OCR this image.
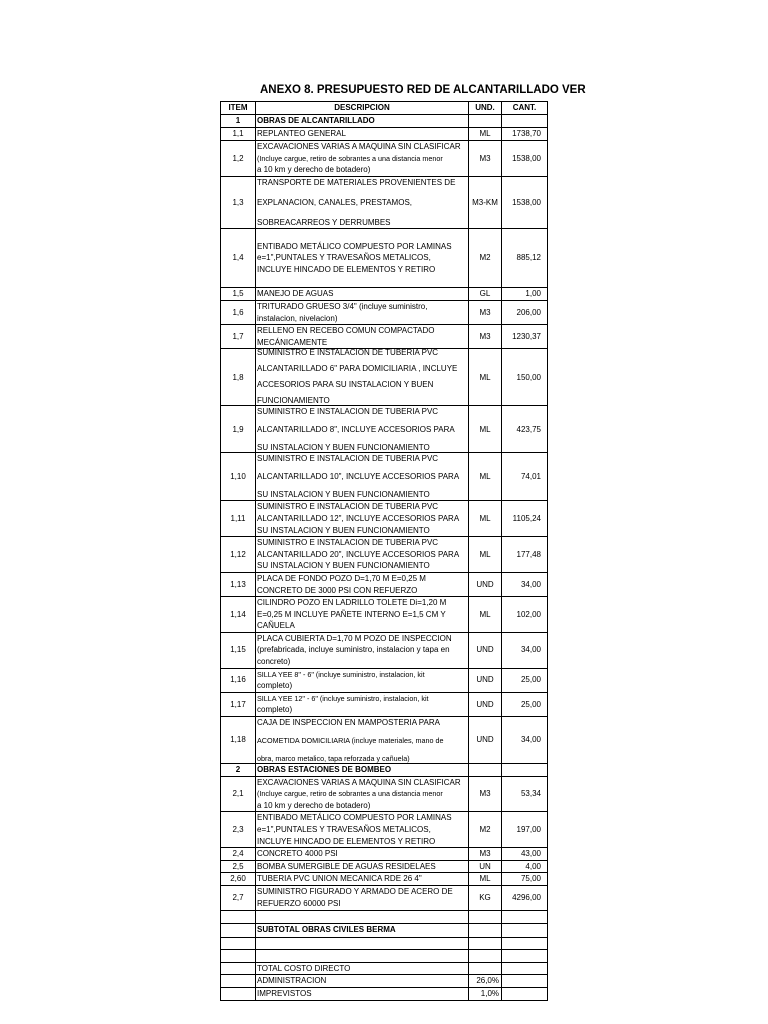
ANEXO 8. PRESUPUESTO RED DE ALCANTARILLADO VER
ITEM	DESCRIPCION	UND.	CANT.
1	OBRAS DE ALCANTARILLADO		

1,1	REPLANTEO GENERAL	ML	1738,70
1,2	EXCAVACIONES VARIAS A MAQUINA SIN CLASIFICAR
(Incluye cargue, retiro de sobrantes a una distancia menor
a 10 km y derecho de botadero)	M3	1538,00
1,3	TRANSPORTE DE MATERIALES PROVENIENTES DE

EXPLANACION, CANALES, PRESTAMOS,

SOBREACARREOS Y DERRUMBES	M3-KM	1538,00
1,4	ENTIBADO METÁLICO COMPUESTO POR LAMINAS
e=1",PUNTALES Y TRAVESAÑOS METALICOS,
INCLUYE HINCADO DE ELEMENTOS Y RETIRO	M2	885,12
1,5	MANEJO DE AGUAS	GL	1,00
1,6	TRITURADO GRUESO 3/4" (incluye suministro,
instalacion, nivelacion)	M3	206,00
1,7	RELLENO EN RECEBO COMUN COMPACTADO
MECÁNICAMENTE	M3	1230,37
1,8	SUMINISTRO E INSTALACION DE TUBERIA PVC

ALCANTARILLADO 6" PARA DOMICILIARIA , INCLUYE

ACCESORIOS PARA SU INSTALACION Y BUEN

FUNCIONAMIENTO	ML	150,00
1,9	SUMINISTRO E INSTALACION DE TUBERIA PVC

ALCANTARILLADO 8", INCLUYE ACCESORIOS PARA

SU INSTALACION Y BUEN FUNCIONAMIENTO	ML	423,75
1,10	SUMINISTRO E INSTALACION DE TUBERIA PVC

ALCANTARILLADO 10", INCLUYE ACCESORIOS PARA

SU INSTALACION Y BUEN FUNCIONAMIENTO	ML	74,01
1,11	SUMINISTRO E INSTALACION DE TUBERIA PVC
ALCANTARILLADO 12", INCLUYE ACCESORIOS PARA
SU INSTALACION Y BUEN FUNCIONAMIENTO	ML	1105,24
1,12	SUMINISTRO E INSTALACION DE TUBERIA PVC
ALCANTARILLADO 20", INCLUYE ACCESORIOS PARA
SU INSTALACION Y BUEN FUNCIONAMIENTO	ML	177,48
1,13	PLACA DE FONDO POZO D=1,70 M E=0,25 M
CONCRETO DE 3000 PSI CON REFUERZO	UND	34,00
1,14	CILINDRO POZO EN LADRILLO TOLETE Di=1,20 M
E=0,25 M INCLUYE PAÑETE INTERNO E=1,5 CM Y
CAÑUELA	ML	102,00
1,15	PLACA CUBIERTA D=1,70 M POZO DE INSPECCION
(prefabricada, incluye suministro, instalacion y tapa en
concreto)	UND	34,00
1,16	SILLA YEE 8" - 6" (incluye suministro, instalacion, kit
completo)	UND	25,00
1,17	SILLA YEE 12" - 6" (incluye suministro, instalacion, kit
completo)	UND	25,00
1,18	CAJA DE INSPECCION EN MAMPOSTERIA PARA

ACOMETIDA DOMICILIARIA (incluye materiales, mano de

obra, marco metalico, tapa reforzada y cañuela)	UND	34,00
2	OBRAS ESTACIONES DE BOMBEO		

2,1	EXCAVACIONES VARIAS A MAQUINA SIN CLASIFICAR
(Incluye cargue, retiro de sobrantes a una distancia menor
a 10 km y derecho de botadero)	M3	53,34
2,3	ENTIBADO METÁLICO COMPUESTO POR LAMINAS
e=1",PUNTALES Y TRAVESAÑOS METALICOS,
INCLUYE HINCADO DE ELEMENTOS Y RETIRO	M2	197,00
2,4	CONCRETO 4000 PSI	M3	43,00
2,5	BOMBA SUMERGIBLE DE AGUAS RESIDELAES	UN	4,00
2,60	TUBERIA PVC UNION MECANICA RDE 26 4"	ML	75,00
2,7	SUMINISTRO FIGURADO Y ARMADO DE ACERO DE
REFUERZO 60000 PSI	KG	4296,00

	SUBTOTAL OBRAS CIVILES BERMA		

	TOTAL COSTO DIRECTO		

	ADMINISTRACION	26,0%	

	IMPREVISTOS	1,0%	
